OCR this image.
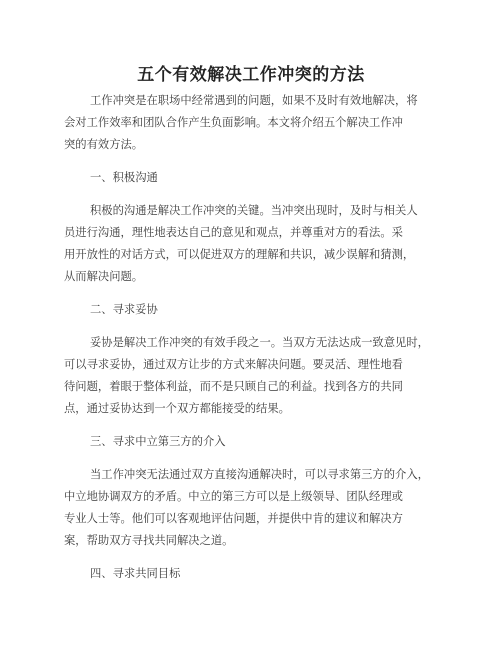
五个有效解决工作冲突的方法

工作冲突是在职场中经常遇到的问题，如果不及时有效地解决，将

会对工作效率和团队合作产生负面影响。本文将介绍五个解决工作冲

突的有效方法。

一、积极沟通

积极的沟通是解决工作冲突的关键。当冲突出现时，及时与相关人

员进行沟通，理性地表达自己的意见和观点，并尊重对方的看法。采

用开放性的对话方式，可以促进双方的理解和共识，减少误解和猜测，

从而解决问题。

二、寻求妥协

妥协是解决工作冲突的有效手段之一。当双方无法达成一致意见时，

可以寻求妥协，通过双方让步的方式来解决问题。要灵活、理性地看

待问题，着眼于整体利益，而不是只顾自己的利益。找到各方的共同

点，通过妥协达到一个双方都能接受的结果。

三、寻求中立第三方的介入

当工作冲突无法通过双方直接沟通解决时，可以寻求第三方的介入，

中立地协调双方的矛盾。中立的第三方可以是上级领导、团队经理或

专业人士等。他们可以客观地评估问题，并提供中肯的建议和解决方

案，帮助双方寻找共同解决之道。

四、寻求共同目标
